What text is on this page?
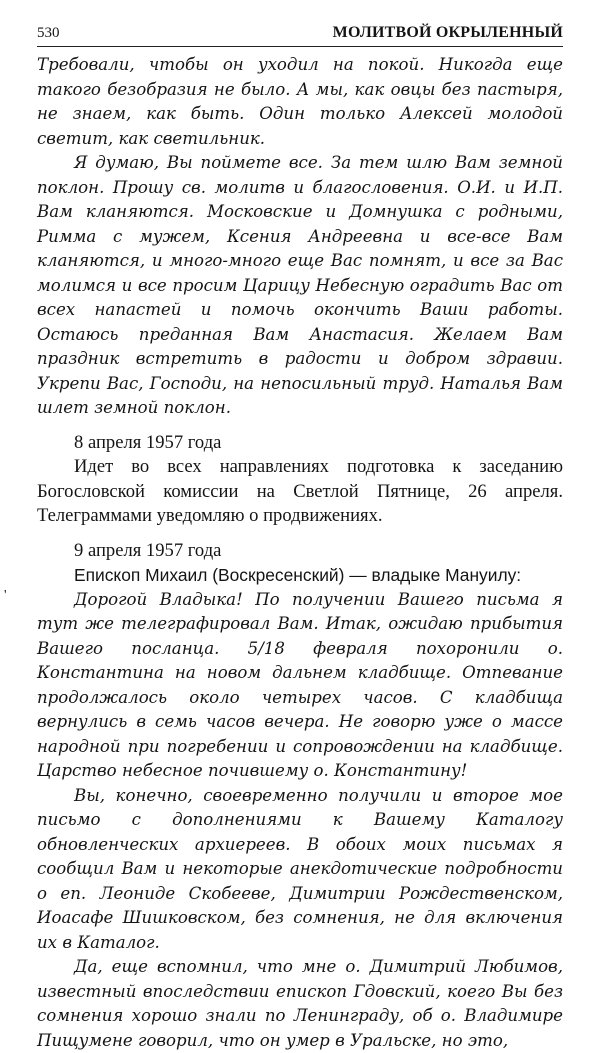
530	МОЛИТВОЙ ОКРЫЛЕННЫЙ

Требовали, чтобы он уходил на покой. Никогда еще такого безобразия не было. А мы, как овцы без пастыря, не знаем, как быть. Один только Алексей молодой светит, как светильник.

Я думаю, Вы поймете все. За тем шлю Вам земной поклон. Прошу св. молитв и благословения. О.И. и И.П. Вам кланяются. Московские и Домнушка с родными, Римма с мужем, Ксения Андреевна и все-все Вам кланяются, и много-много еще Вас помнят, и все за Вас молимся и все просим Царицу Небесную оградить Вас от всех напастей и помочь окончить Ваши работы. Остаюсь преданная Вам Анастасия. Желаем Вам праздник встретить в радости и добром здравии. Укрепи Вас, Господи, на непосильный труд. Наталья Вам шлет земной поклон.

8 апреля 1957 года

Идет во всех направлениях подготовка к заседанию Богословской комиссии на Светлой Пятнице, 26 апреля. Телеграммами уведомляю о продвижениях.

9 апреля 1957 года

Епископ Михаил (Воскресенский) — владыке Мануилу:

'	Дорогой Владыка! По получении Вашего письма я тут же телеграфировал Вам. Итак, ожидаю прибытия Вашего посланца. 5/18 февраля похоронили о. Константина на новом дальнем кладбище. Отпевание продолжалось около четырех часов. С кладбища вернулись в семь часов вечера. Не говорю уже о массе народной при погребении и сопровождении на кладбище. Царство небесное почившему о. Константину!

Вы, конечно, своевременно получили и второе мое письмо с дополнениями к Вашему Каталогу обновленческих архиереев. В обоих моих письмах я сообщил Вам и некоторые анекдотические подробности о еп. Леониде Скобееве, Димитрии Рождественском, Иоасафе Шишковском, без сомнения, не для включения их в Каталог.

Да, еще вспомнил, что мне о. Димитрий Любимов, известный впоследствии епископ Гдовский, коего Вы без сомнения хорошо знали по Ленинграду, об о. Владимире Пищумене говорил, что он умер в Уральске, но это,
